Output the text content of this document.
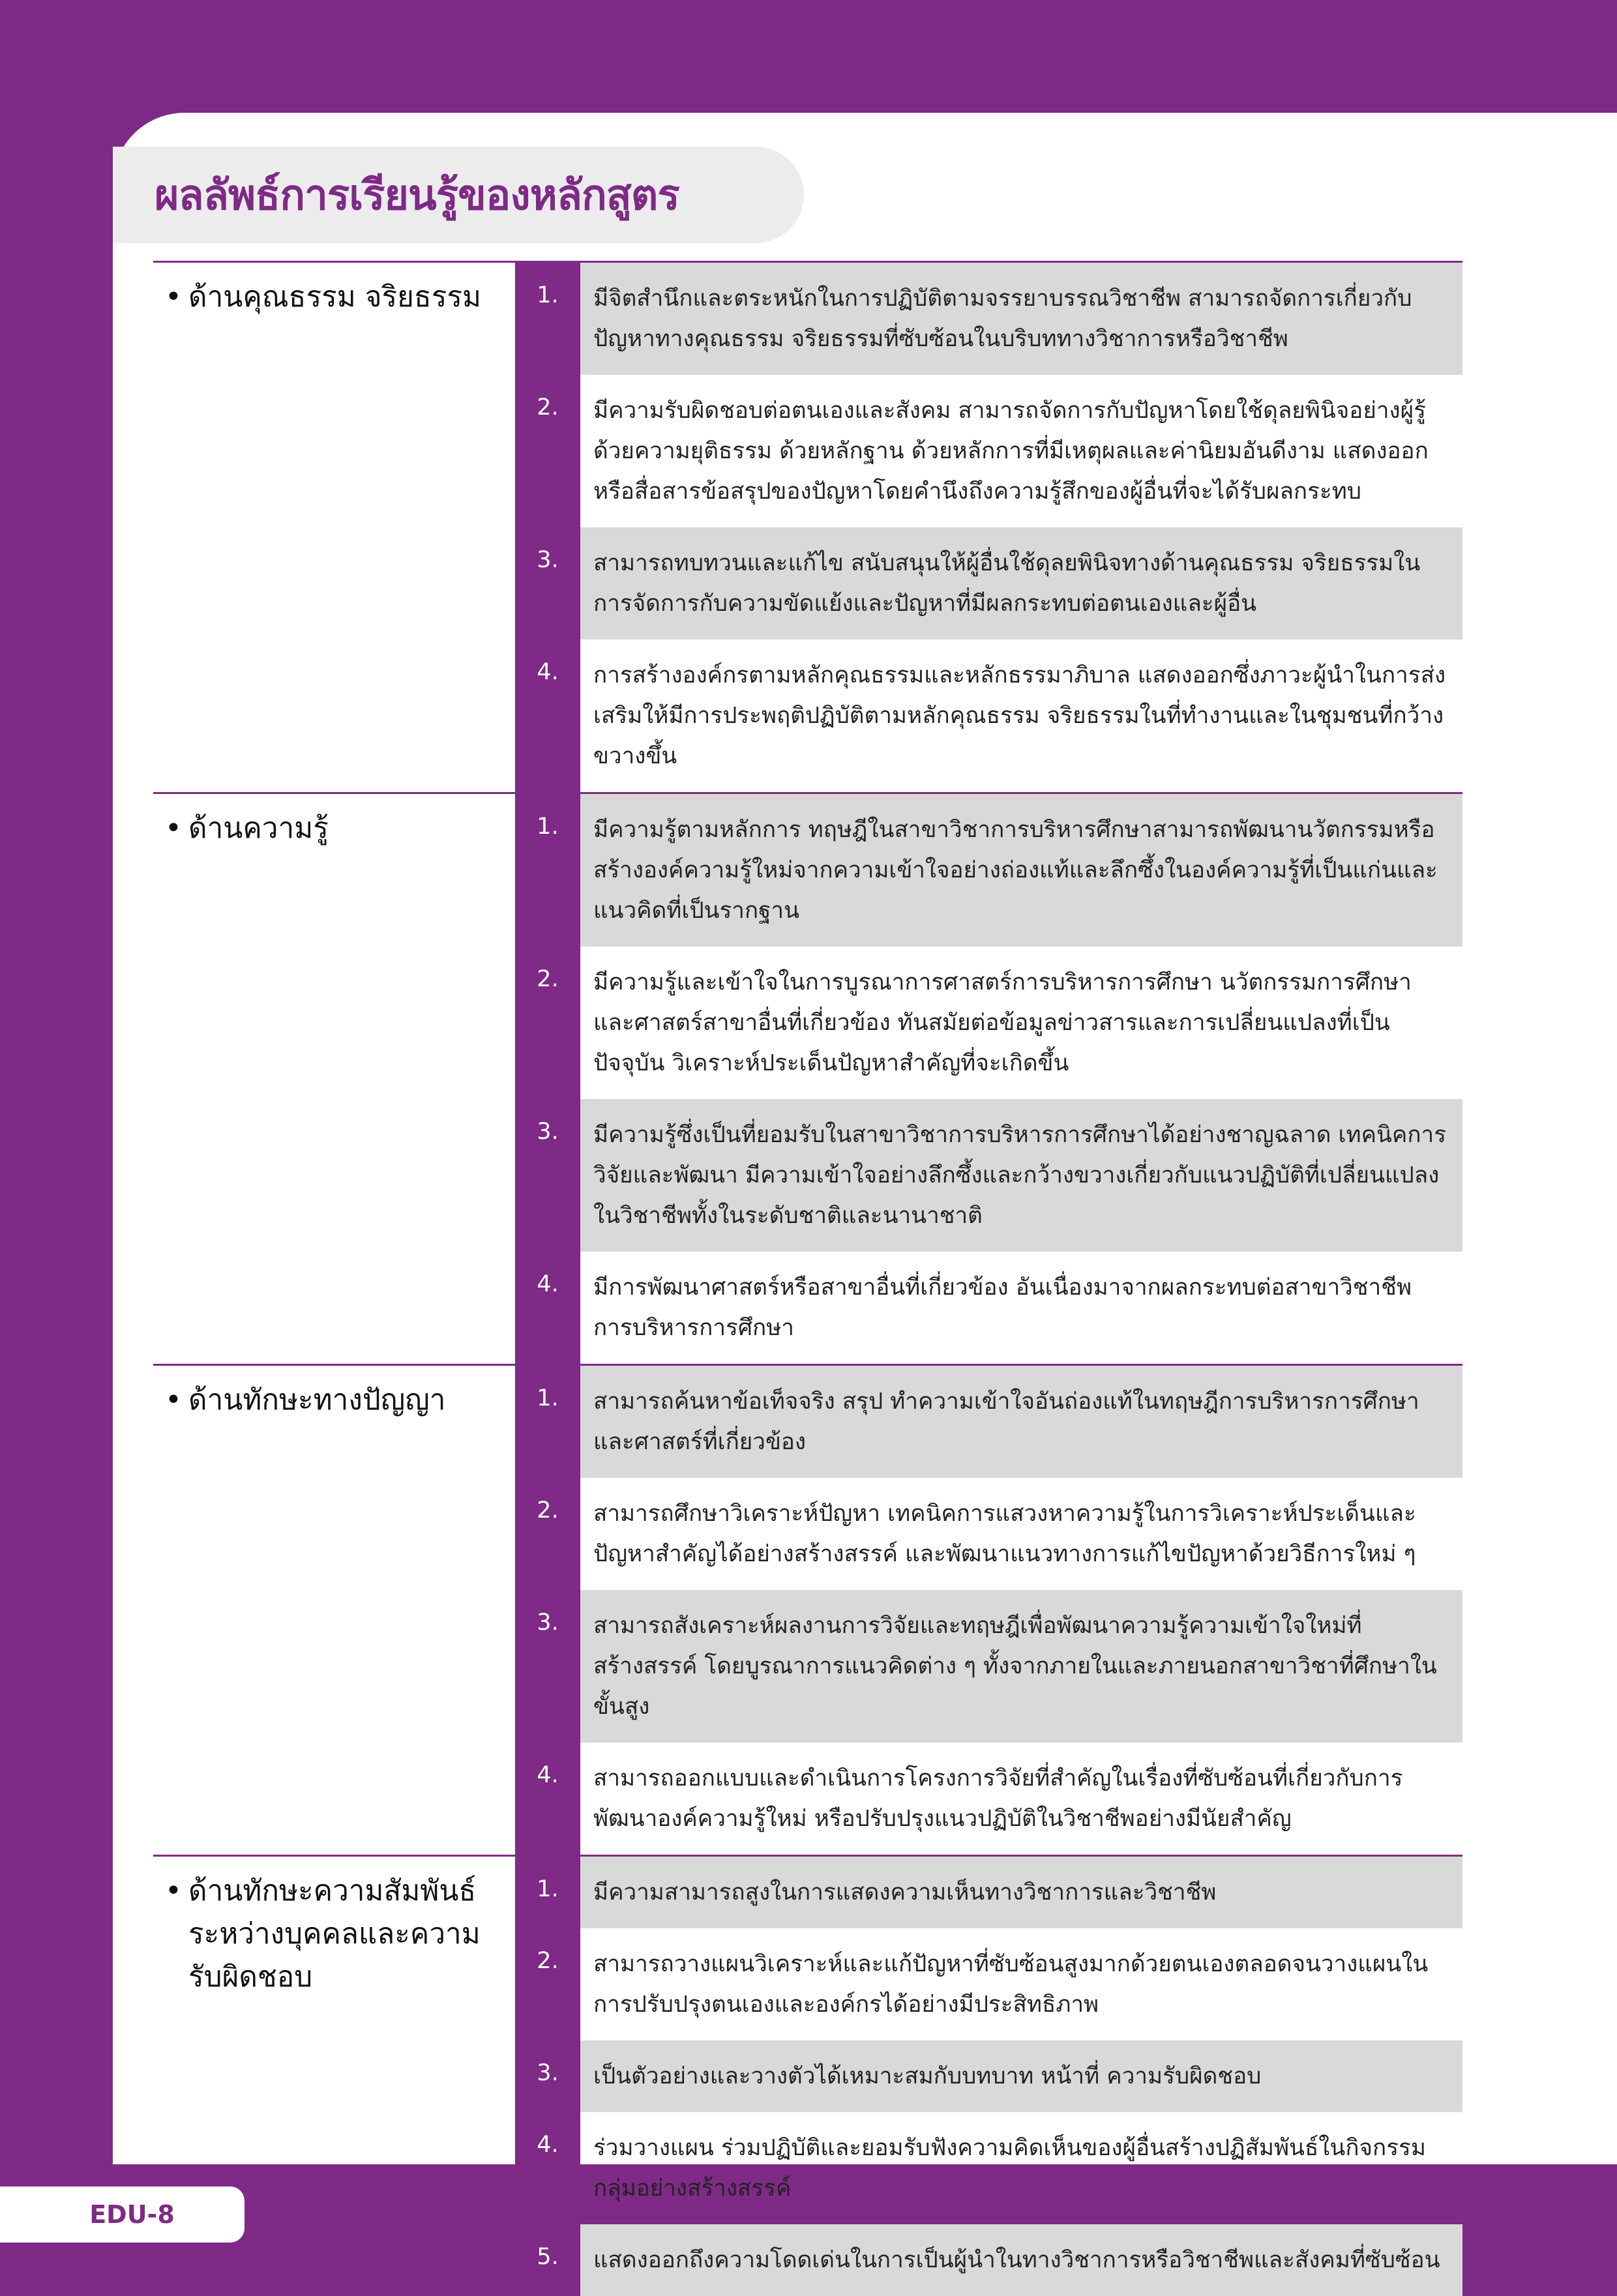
ผลลัพธ์การเรียนรู้ของหลักสูตร
• ด้านคุณธรรม จริยธรรม	1.	มีจิตสำนึกและตระหนักในการปฏิบัติตามจรรยาบรรณวิชาชีพ สามารถจัดการเกี่ยวกับปัญหาทางคุณธรรม จริยธรรมที่ซับซ้อนในบริบททางวิชาการหรือวิชาชีพ
2.	มีความรับผิดชอบต่อตนเองและสังคม สามารถจัดการกับปัญหาโดยใช้ดุลยพินิจอย่างผู้รู้ด้วยความยุติธรรม ด้วยหลักฐาน ด้วยหลักการที่มีเหตุผลและค่านิยมอันดีงาม แสดงออกหรือสื่อสารข้อสรุปของปัญหาโดยคำนึงถึงความรู้สึกของผู้อื่นที่จะได้รับผลกระทบ
3.	สามารถทบทวนและแก้ไข สนับสนุนให้ผู้อื่นใช้ดุลยพินิจทางด้านคุณธรรม จริยธรรมในการจัดการกับความขัดแย้งและปัญหาที่มีผลกระทบต่อตนเองและผู้อื่น
4.	การสร้างองค์กรตามหลักคุณธรรมและหลักธรรมาภิบาล แสดงออกซึ่งภาวะผู้นำในการส่งเสริมให้มีการประพฤติปฏิบัติตามหลักคุณธรรม จริยธรรมในที่ทำงานและในชุมชนที่กว้างขวางขึ้น
• ด้านความรู้	1.	มีความรู้ตามหลักการ ทฤษฎีในสาขาวิชาการบริหารศึกษาสามารถพัฒนานวัตกรรมหรือสร้างองค์ความรู้ใหม่จากความเข้าใจอย่างถ่องแท้และลึกซึ้งในองค์ความรู้ที่เป็นแก่นและแนวคิดที่เป็นรากฐาน
2.	มีความรู้และเข้าใจในการบูรณาการศาสตร์การบริหารการศึกษา นวัตกรรมการศึกษาและศาสตร์สาขาอื่นที่เกี่ยวข้อง ทันสมัยต่อข้อมูลข่าวสารและการเปลี่ยนแปลงที่เป็นปัจจุบัน วิเคราะห์ประเด็นปัญหาสำคัญที่จะเกิดขึ้น
3.	มีความรู้ซึ่งเป็นที่ยอมรับในสาขาวิชาการบริหารการศึกษาได้อย่างชาญฉลาด เทคนิคการวิจัยและพัฒนา มีความเข้าใจอย่างลึกซึ้งและกว้างขวางเกี่ยวกับแนวปฏิบัติที่เปลี่ยนแปลงในวิชาชีพทั้งในระดับชาติและนานาชาติ
4.	มีการพัฒนาศาสตร์หรือสาขาอื่นที่เกี่ยวข้อง อันเนื่องมาจากผลกระทบต่อสาขาวิชาชีพการบริหารการศึกษา
• ด้านทักษะทางปัญญา	1.	สามารถค้นหาข้อเท็จจริง สรุป ทำความเข้าใจอันถ่องแท้ในทฤษฎีการบริหารการศึกษาและศาสตร์ที่เกี่ยวข้อง
2.	สามารถศึกษาวิเคราะห์ปัญหา เทคนิคการแสวงหาความรู้ในการวิเคราะห์ประเด็นและปัญหาสำคัญได้อย่างสร้างสรรค์ และพัฒนาแนวทางการแก้ไขปัญหาด้วยวิธีการใหม่ ๆ
3.	สามารถสังเคราะห์ผลงานการวิจัยและทฤษฎีเพื่อพัฒนาความรู้ความเข้าใจใหม่ที่สร้างสรรค์ โดยบูรณาการแนวคิดต่าง ๆ ทั้งจากภายในและภายนอกสาขาวิชาที่ศึกษาในขั้นสูง
4.	สามารถออกแบบและดำเนินการโครงการวิจัยที่สำคัญในเรื่องที่ซับซ้อนที่เกี่ยวกับการพัฒนาองค์ความรู้ใหม่ หรือปรับปรุงแนวปฏิบัติในวิชาชีพอย่างมีนัยสำคัญ
• ด้านทักษะความสัมพันธ์ระหว่างบุคคลและความรับผิดชอบ
1.	มีความสามารถสูงในการแสดงความเห็นทางวิชาการและวิชาชีพ
2.	สามารถวางแผนวิเคราะห์และแก้ปัญหาที่ซับซ้อนสูงมากด้วยตนเองตลอดจนวางแผนในการปรับปรุงตนเองและองค์กรได้อย่างมีประสิทธิภาพ
3.	เป็นตัวอย่างและวางตัวได้เหมาะสมกับบทบาท หน้าที่ ความรับผิดชอบ
4.	ร่วมวางแผน ร่วมปฏิบัติและยอมรับฟังความคิดเห็นของผู้อื่นสร้างปฏิสัมพันธ์ในกิจกรรมกลุ่มอย่างสร้างสรรค์
5.	แสดงออกถึงความโดดเด่นในการเป็นผู้นำในทางวิชาการหรือวิชาชีพและสังคมที่ซับซ้อน
EDU-8
